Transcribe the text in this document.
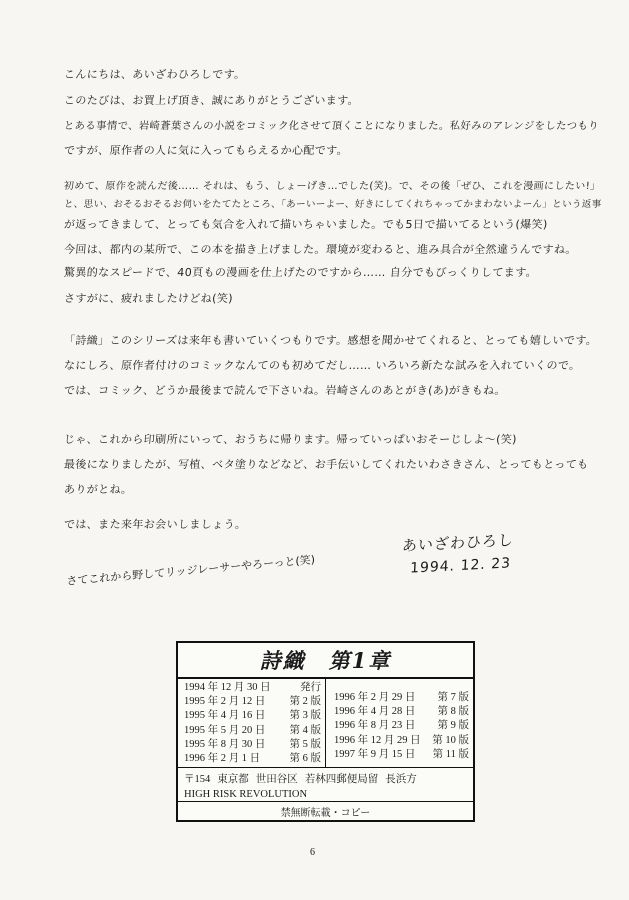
こんにちは、あいざわひろしです。
このたびは、お買上げ頂き、誠にありがとうございます。
とある事情で、岩崎蒼葉さんの小説をコミック化させて頂くことになりました。私好みのアレンジをしたつもり
ですが、原作者の人に気に入ってもらえるか心配です。
初めて、原作を読んだ後…… それは、もう、しょーげき…でした(笑)。で、その後「ぜひ、これを漫画にしたい!」
と、思い、おそるおそるお伺いをたてたところ、「あーいーよー、好きにしてくれちゃってかまわないよーん」という返事
が返ってきまして、とっても気合を入れて描いちゃいました。でも5日で描いてるという(爆笑)
今回は、都内の某所で、この本を描き上げました。環境が変わると、進み具合が全然違うんですね。
驚異的なスピードで、40頁もの漫画を仕上げたのですから…… 自分でもびっくりしてます。
さすがに、疲れましたけどね(笑)
「詩織」このシリーズは来年も書いていくつもりです。感想を聞かせてくれると、とっても嬉しいです。
なにしろ、原作者付けのコミックなんてのも初めてだし…… いろいろ新たな試みを入れていくので。
では、コミック、どうか最後まで読んで下さいね。岩崎さんのあとがき(あ)がきもね。
じゃ、これから印刷所にいって、おうちに帰ります。帰っていっぱいおそーじしよ〜(笑)
最後になりましたが、写植、ベタ塗りなどなど、お手伝いしてくれたいわさきさん、とってもとっても
ありがとね。
では、また来年お会いしましょう。
さてこれから野してリッジレーサーやろーっと(笑)
あいざわひろし
1994. 12. 23
詩織　第1章
1994 年 12 月 30 日	発行
1995 年 2 月 12 日 第 2 版
1995 年 4 月 16 日 第 3 版
1995 年 5 月 20 日 第 4 版
1995 年 8 月 30 日 第 5 版
1996 年 2 月 1 日	第 6 版
1996 年 2 月 29 日 第 7 版
1996 年 4 月 28 日 第 8 版
1996 年 8 月 23 日 第 9 版
1996 年 12 月 29 日 第 10 版
1997 年 9 月 15 日 第 11 版
〒154 東京都 世田谷区 若林四郵便局留 長浜方
HIGH RISK REVOLUTION
禁無断転載・コピー
6
